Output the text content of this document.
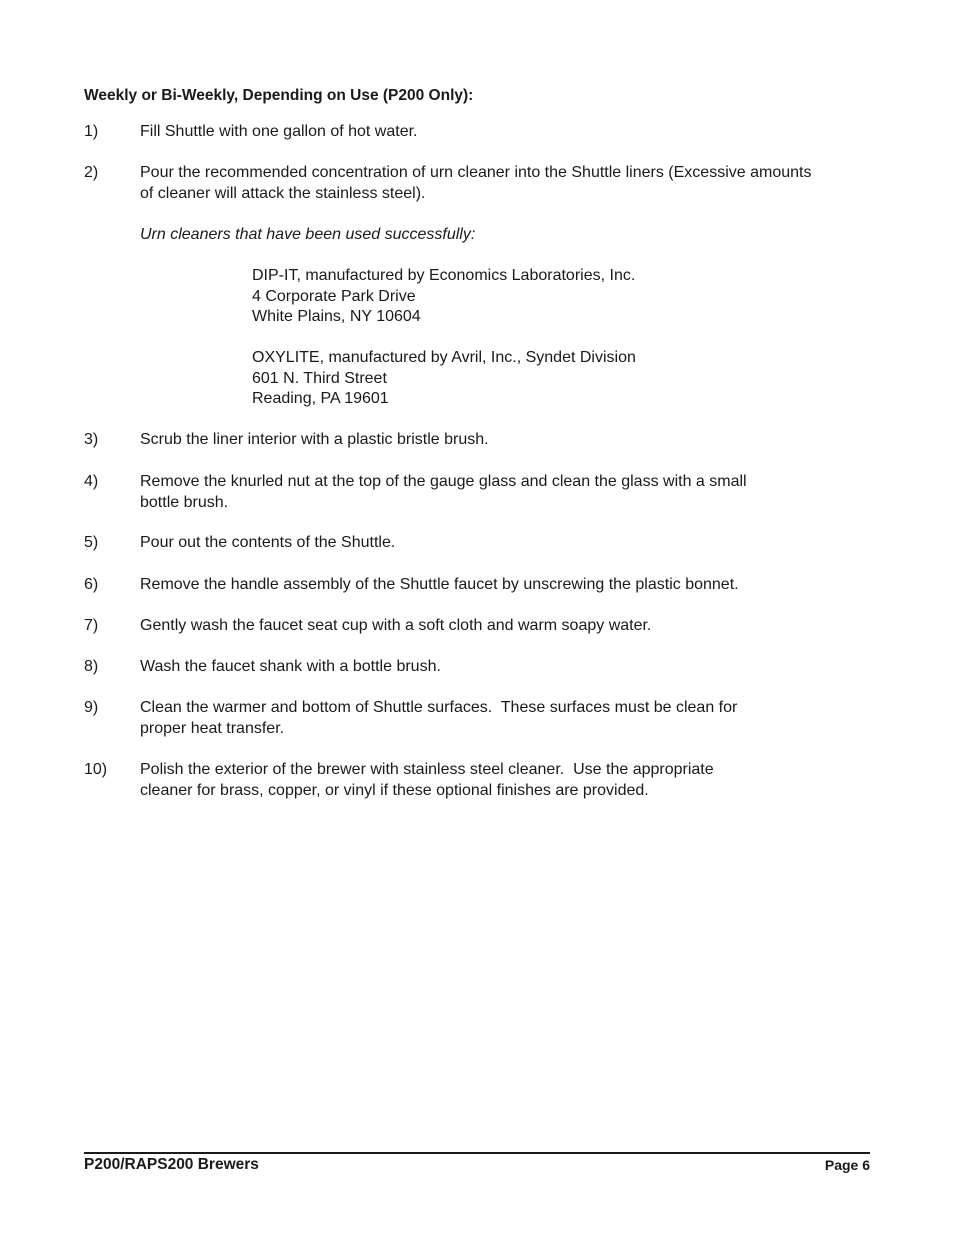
Weekly or Bi-Weekly, Depending on Use (P200 Only):
1)	Fill Shuttle with one gallon of hot water.
2)	Pour the recommended concentration of urn cleaner into the Shuttle liners (Excessive amounts
of cleaner will attack the stainless steel).
Urn cleaners that have been used successfully:
DIP-IT, manufactured by Economics Laboratories, Inc.
4 Corporate Park Drive
White Plains, NY 10604
OXYLITE, manufactured by Avril, Inc., Syndet Division
601 N. Third Street
Reading, PA 19601
3)	Scrub the liner interior with a plastic bristle brush.
4)	Remove the knurled nut at the top of the gauge glass and clean the glass with a small
bottle brush.
5)	Pour out the contents of the Shuttle.
6)	Remove the handle assembly of the Shuttle faucet by unscrewing the plastic bonnet.
7)	Gently wash the faucet seat cup with a soft cloth and warm soapy water.
8)	Wash the faucet shank with a bottle brush.
9)	Clean the warmer and bottom of Shuttle surfaces.  These surfaces must be clean for
proper heat transfer.
10) Polish the exterior of the brewer with stainless steel cleaner.  Use the appropriate
cleaner for brass, copper, or vinyl if these optional finishes are provided.
P200/RAPS200 Brewers	Page 6
